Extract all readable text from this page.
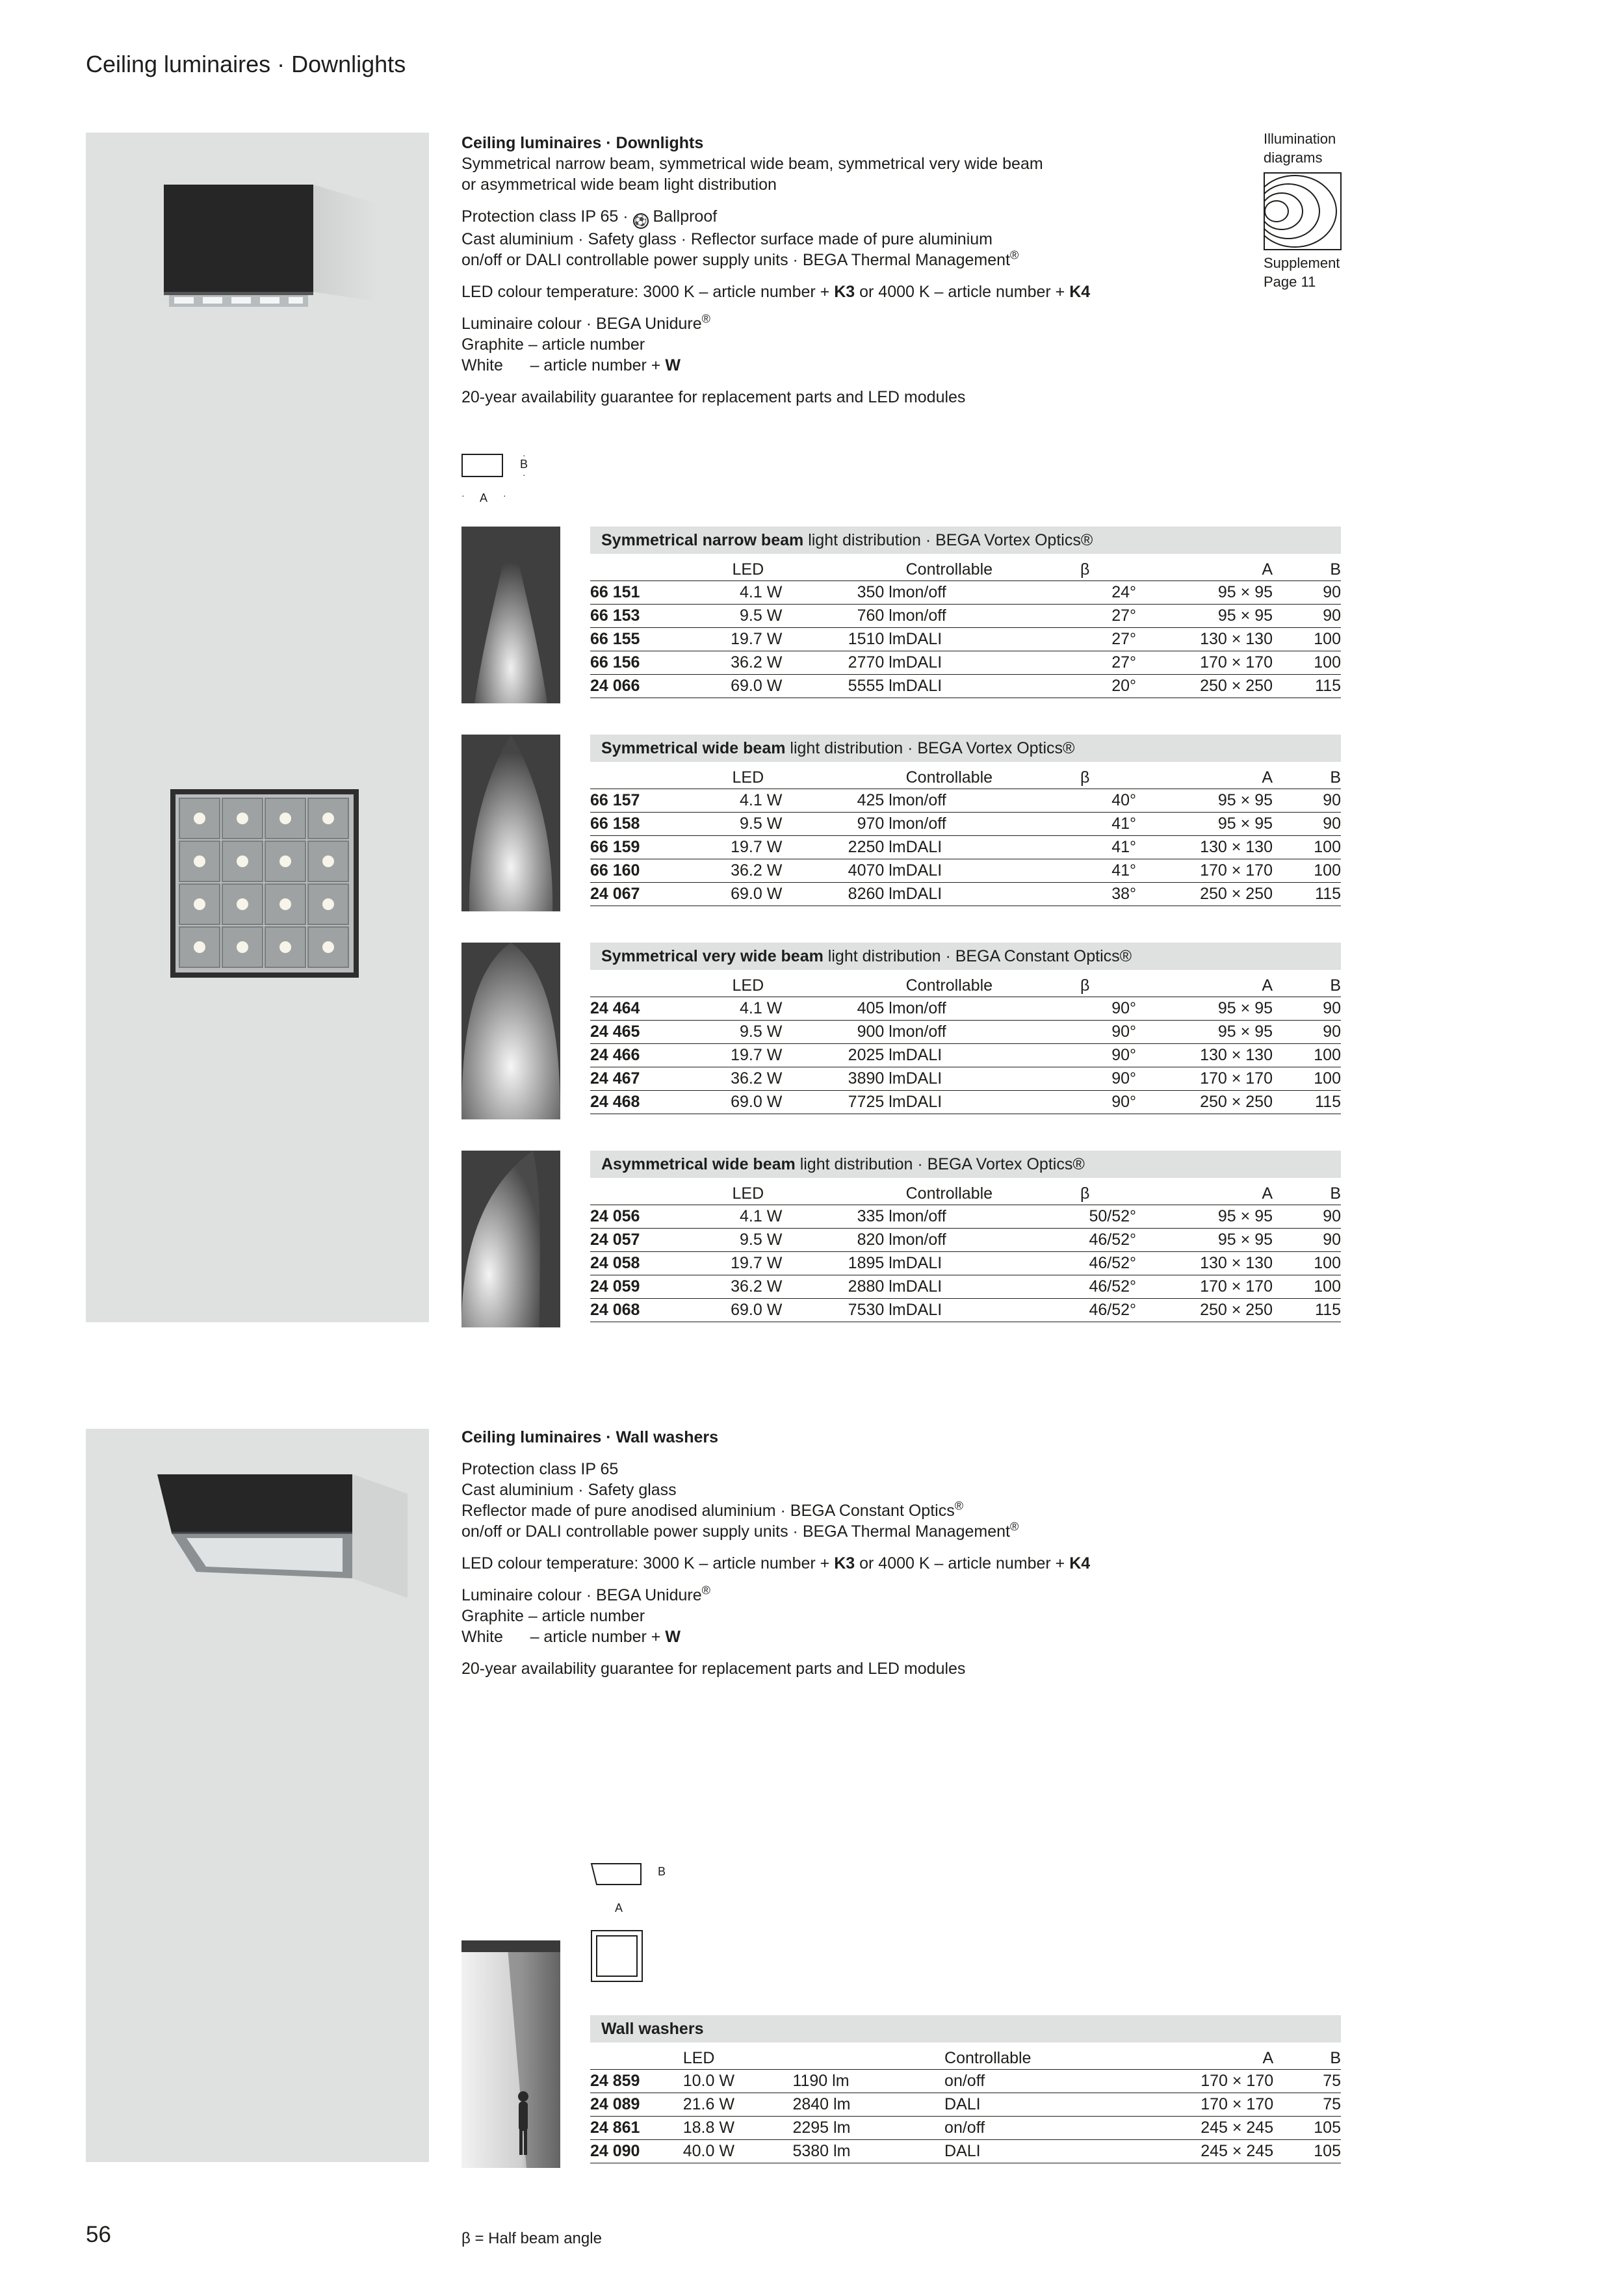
Ceiling luminaires · Downlights

Ceiling luminaires · Downlights
Symmetrical narrow beam, symmetrical wide beam, symmetrical very wide beam
or asymmetrical wide beam light distribution

Protection class IP 65 · ⚽ Ballproof
Cast aluminium · Safety glass · Reflector surface made of pure aluminium
on/off or DALI controllable power supply units · BEGA Thermal Management®

LED colour temperature: 3000 K – article number + K3 or 4000 K – article number + K4

Luminaire colour · BEGA Unidure®
Graphite – article number
White      – article number + W

20-year availability guarantee for replacement parts and LED modules

Illumination
diagrams
Supplement
Page 11
B
A
·
·
·	·
Symmetrical narrow beam light distribution · BEGA Vortex Optics®
	LED		Controllable	β	A	B
66 151	4.1 W	350 lm	on/off	24°	95 × 95	90
66 153	9.5 W	760 lm	on/off	27°	95 × 95	90
66 155	19.7 W	1510 lm	DALI	27°	130 × 130	100
66 156	36.2 W	2770 lm	DALI	27°	170 × 170	100
24 066	69.0 W	5555 lm	DALI	20°	250 × 250	115
Symmetrical wide beam light distribution · BEGA Vortex Optics®
	LED		Controllable	β	A	B
66 157	4.1 W	425 lm	on/off	40°	95 × 95	90
66 158	9.5 W	970 lm	on/off	41°	95 × 95	90
66 159	19.7 W	2250 lm	DALI	41°	130 × 130	100
66 160	36.2 W	4070 lm	DALI	41°	170 × 170	100
24 067	69.0 W	8260 lm	DALI	38°	250 × 250	115
Symmetrical very wide beam light distribution · BEGA Constant Optics®
	LED		Controllable	β	A	B
24 464	4.1 W	405 lm	on/off	90°	95 × 95	90
24 465	9.5 W	900 lm	on/off	90°	95 × 95	90
24 466	19.7 W	2025 lm	DALI	90°	130 × 130	100
24 467	36.2 W	3890 lm	DALI	90°	170 × 170	100
24 468	69.0 W	7725 lm	DALI	90°	250 × 250	115
Asymmetrical wide beam light distribution · BEGA Vortex Optics®
	LED		Controllable	β	A	B
24 056	4.1 W	335 lm	on/off	50/52°	95 × 95	90
24 057	9.5 W	820 lm	on/off	46/52°	95 × 95	90
24 058	19.7 W	1895 lm	DALI	46/52°	130 × 130	100
24 059	36.2 W	2880 lm	DALI	46/52°	170 × 170	100
24 068	69.0 W	7530 lm	DALI	46/52°	250 × 250	115

Ceiling luminaires · Wall washers

Protection class IP 65
Cast aluminium · Safety glass
Reflector made of pure anodised aluminium · BEGA Constant Optics®
on/off or DALI controllable power supply units · BEGA Thermal Management®

LED colour temperature: 3000 K – article number + K3 or 4000 K – article number + K4

Luminaire colour · BEGA Unidure®
Graphite – article number
White      – article number + W

20-year availability guarantee for replacement parts and LED modules

B
A
Wall washers
	LED		Controllable	A	B
24 859	10.0 W	1190 lm	on/off	170 × 170	75
24 089	21.6 W	2840 lm	DALI	170 × 170	75
24 861	18.8 W	2295 lm	on/off	245 × 245	105
24 090	40.0 W	5380 lm	DALI	245 × 245	105
56	β = Half beam angle
